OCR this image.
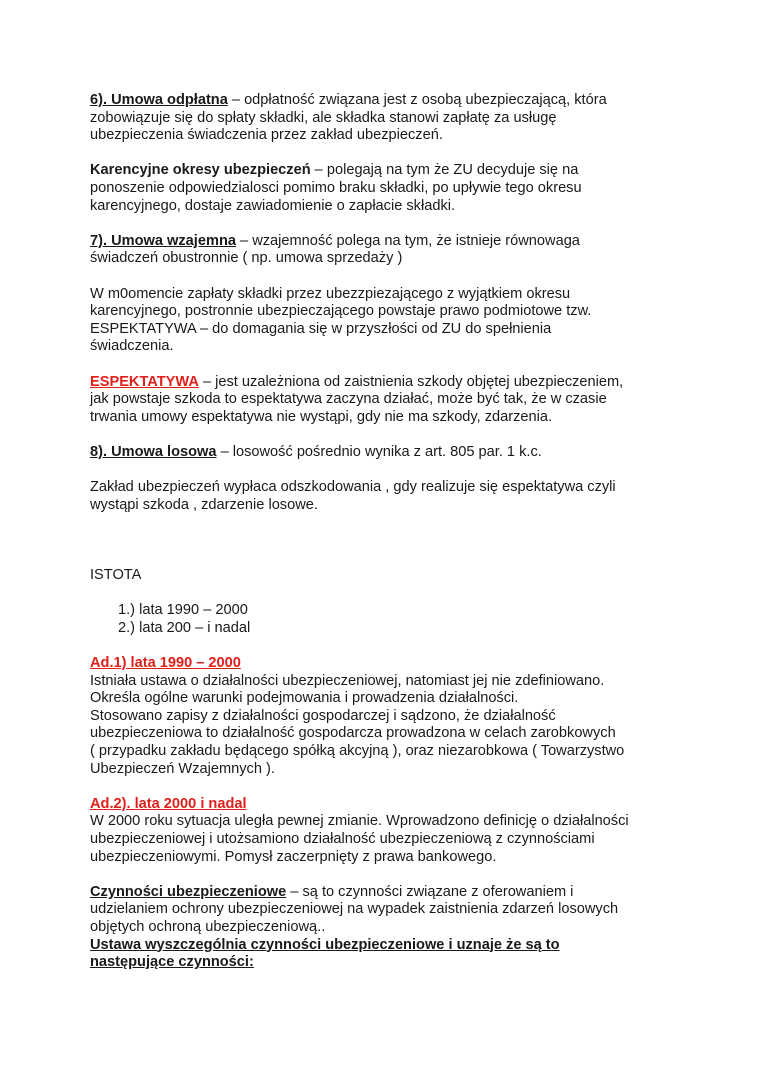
6). Umowa odpłatna – odpłatność związana jest z osobą ubezpieczającą, która
zobowiązuje się do spłaty składki, ale składka stanowi zapłatę za usługę
ubezpieczenia świadczenia przez zakład ubezpieczeń.

Karencyjne okresy ubezpieczeń – polegają na tym że ZU decyduje się na
ponoszenie odpowiedzialosci pomimo braku składki, po upływie tego okresu
karencyjnego, dostaje zawiadomienie o zapłacie składki.

7). Umowa wzajemna – wzajemność polega na tym, że istnieje równowaga
świadczeń obustronnie ( np. umowa sprzedaży )

W m0omencie zapłaty składki przez ubezzpiezającego z wyjątkiem okresu
karencyjnego, postronnie ubezpieczającego powstaje prawo podmiotowe tzw.
ESPEKTATYWA – do domagania się w przyszłości od ZU do spełnienia
świadczenia.

ESPEKTATYWA – jest uzależniona od zaistnienia szkody objętej ubezpieczeniem,
jak powstaje szkoda to espektatywa zaczyna działać, może być tak, że w czasie
trwania umowy espektatywa nie wystąpi, gdy nie ma szkody, zdarzenia.

8). Umowa losowa – losowość pośrednio wynika z art. 805 par. 1 k.c.

Zakład ubezpieczeń wypłaca odszkodowania , gdy realizuje się espektatywa czyli
wystąpi szkoda , zdarzenie losowe.

ISTOTA

1.) lata 1990 – 2000
2.) lata 200 – i nadal

Ad.1) lata 1990 – 2000
Istniała ustawa o działalności ubezpieczeniowej, natomiast jej nie zdefiniowano.
Określa ogólne warunki podejmowania i prowadzenia działalności.
Stosowano zapisy z działalności gospodarczej i sądzono, że działalność
ubezpieczeniowa to działalność gospodarcza prowadzona w celach zarobkowych
( przypadku zakładu będącego spółką akcyjną ), oraz niezarobkowa ( Towarzystwo
Ubezpieczeń Wzajemnych ).

Ad.2). lata 2000 i nadal
W 2000 roku sytuacja uległa pewnej zmianie. Wprowadzono definicję o działalności
ubezpieczeniowej i utożsamiono działalność ubezpieczeniową z czynnościami
ubezpieczeniowymi. Pomysł zaczerpnięty z prawa bankowego.

Czynności ubezpieczeniowe – są to czynności związane z oferowaniem i
udzielaniem ochrony ubezpieczeniowej na wypadek zaistnienia zdarzeń losowych
objętych ochroną ubezpieczeniową..
Ustawa wyszczególnia czynności ubezpieczeniowe i uznaje że są to
następujące czynności:
